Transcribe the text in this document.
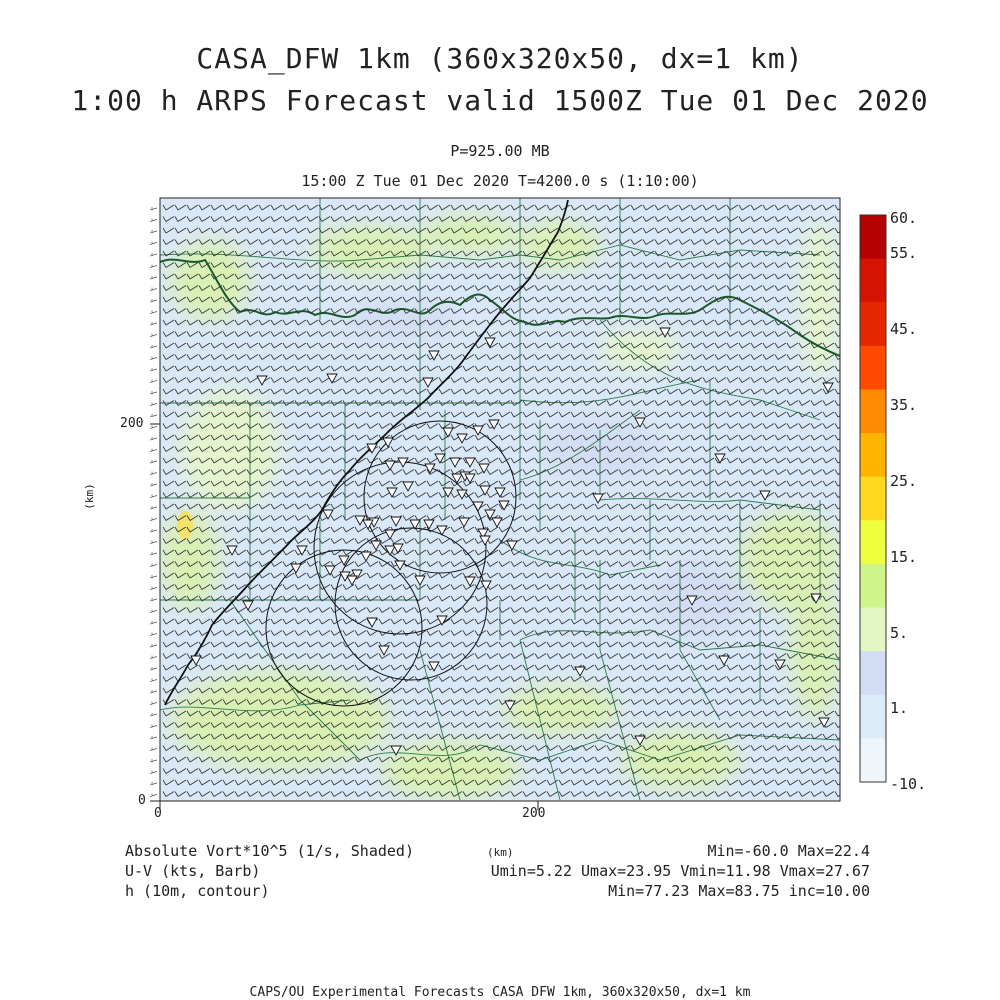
CASA_DFW 1km (360x320x50, dx=1 km)
1:00 h ARPS Forecast valid 1500Z Tue 01 Dec 2020
P=925.00 MB
15:00 Z Tue 01 Dec 2020 T=4200.0 s (1:10:00)
0	200
0
200
(km)
60.
55.
45.
35.
25.
15.
5.
1.
-10.
Absolute Vort*10^5 (1/s, Shaded)
U-V (kts, Barb)
h (10m, contour)
(km)	Min=-60.0 Max=22.4
Umin=5.22 Umax=23.95 Vmin=11.98 Vmax=27.67
Min=77.23 Max=83.75 inc=10.00
CAPS/OU Experimental Forecasts CASA DFW 1km, 360x320x50, dx=1 km
